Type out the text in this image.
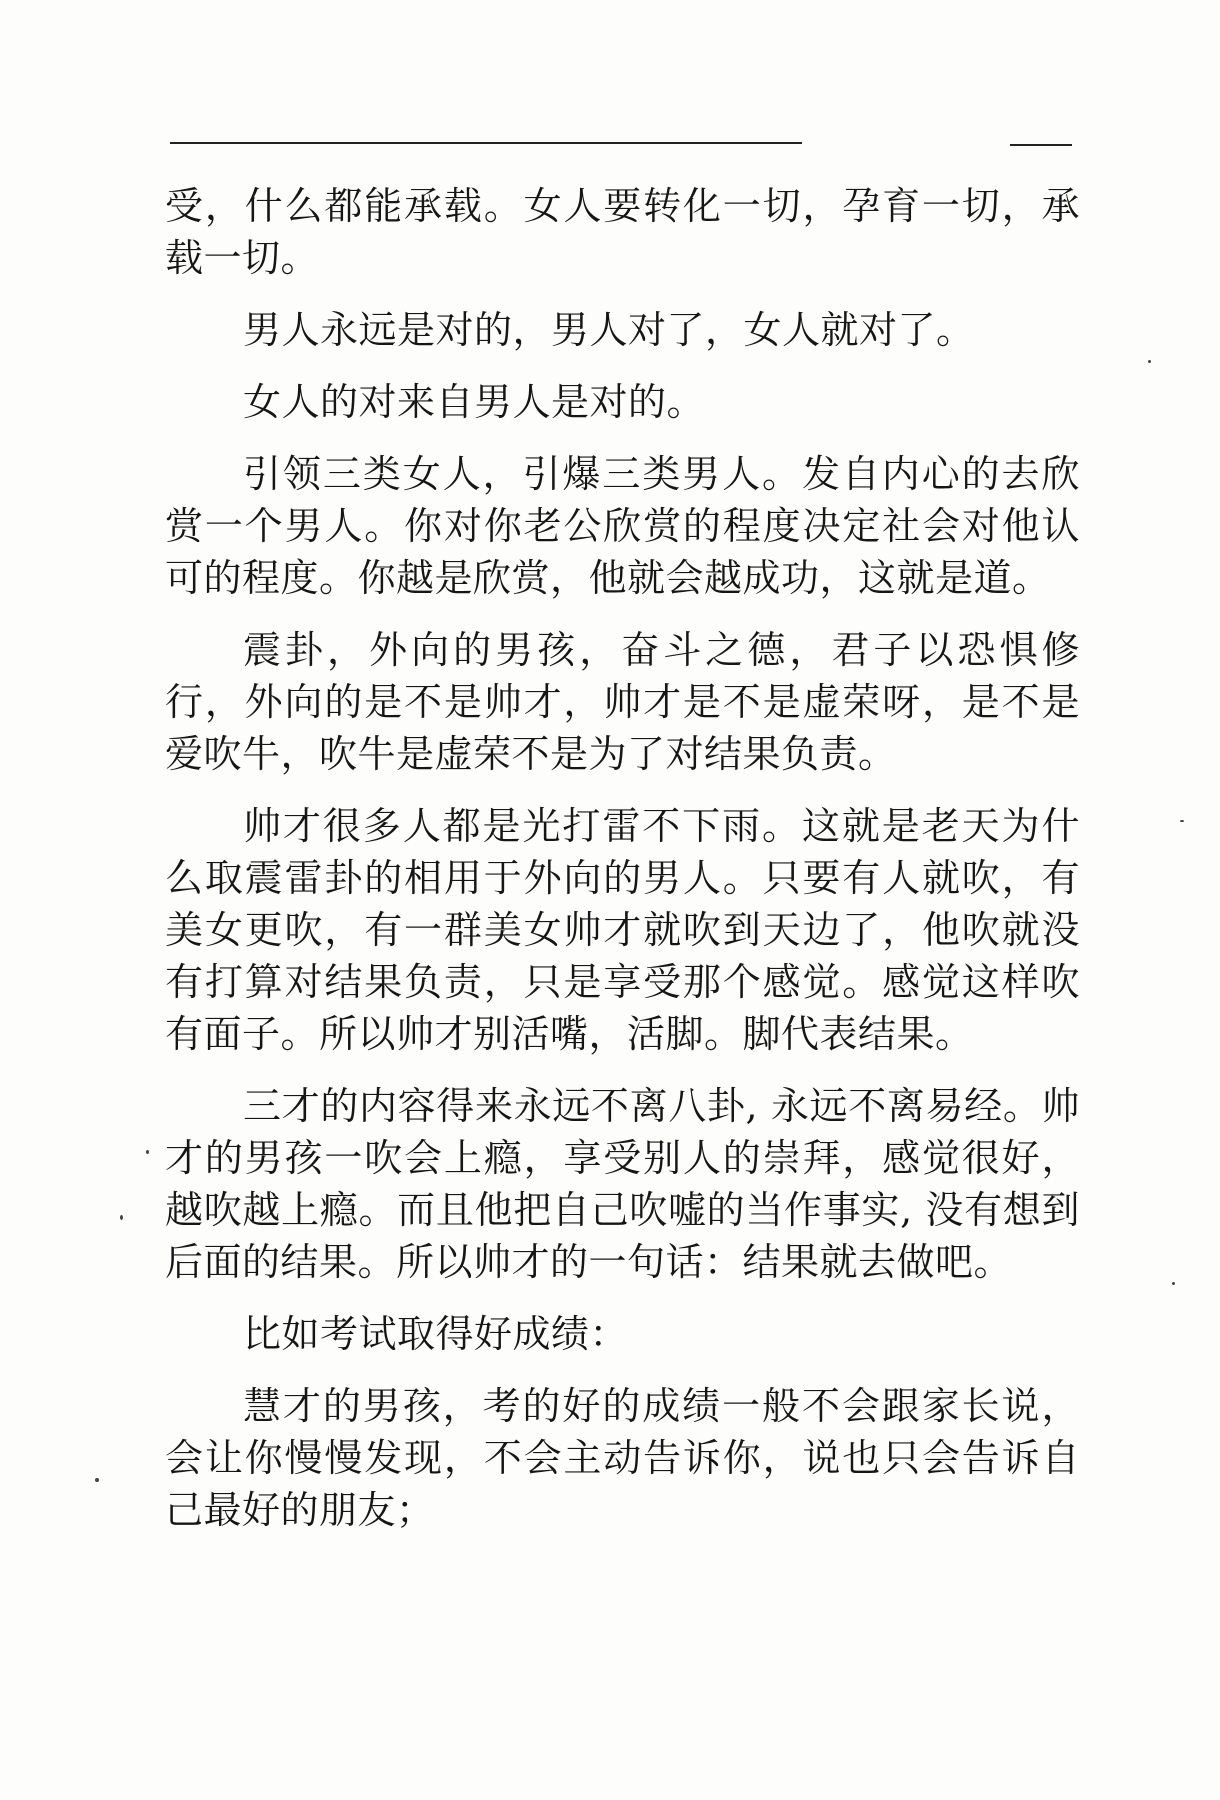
受，什么都能承载。女人要转化一切，孕育一切，承载一切。

男人永远是对的，男人对了，女人就对了。

女人的对来自男人是对的。

引领三类女人，引爆三类男人。发自内心的去欣赏一个男人。你对你老公欣赏的程度决定社会对他认可的程度。你越是欣赏，他就会越成功，这就是道。

震卦，外向的男孩，奋斗之德，君子以恐惧修行，外向的是不是帅才，帅才是不是虚荣呀，是不是爱吹牛，吹牛是虚荣不是为了对结果负责。

帅才很多人都是光打雷不下雨。这就是老天为什么取震雷卦的相用于外向的男人。只要有人就吹，有美女更吹，有一群美女帅才就吹到天边了，他吹就没有打算对结果负责，只是享受那个感觉。感觉这样吹有面子。所以帅才别活嘴，活脚。脚代表结果。

三才的内容得来永远不离八卦, 永远不离易经。帅才的男孩一吹会上瘾，享受别人的崇拜，感觉很好，越吹越上瘾。而且他把自己吹嘘的当作事实, 没有想到后面的结果。所以帅才的一句话：结果就去做吧。

比如考试取得好成绩：

慧才的男孩，考的好的成绩一般不会跟家长说，会让你慢慢发现，不会主动告诉你，说也只会告诉自己最好的朋友；
